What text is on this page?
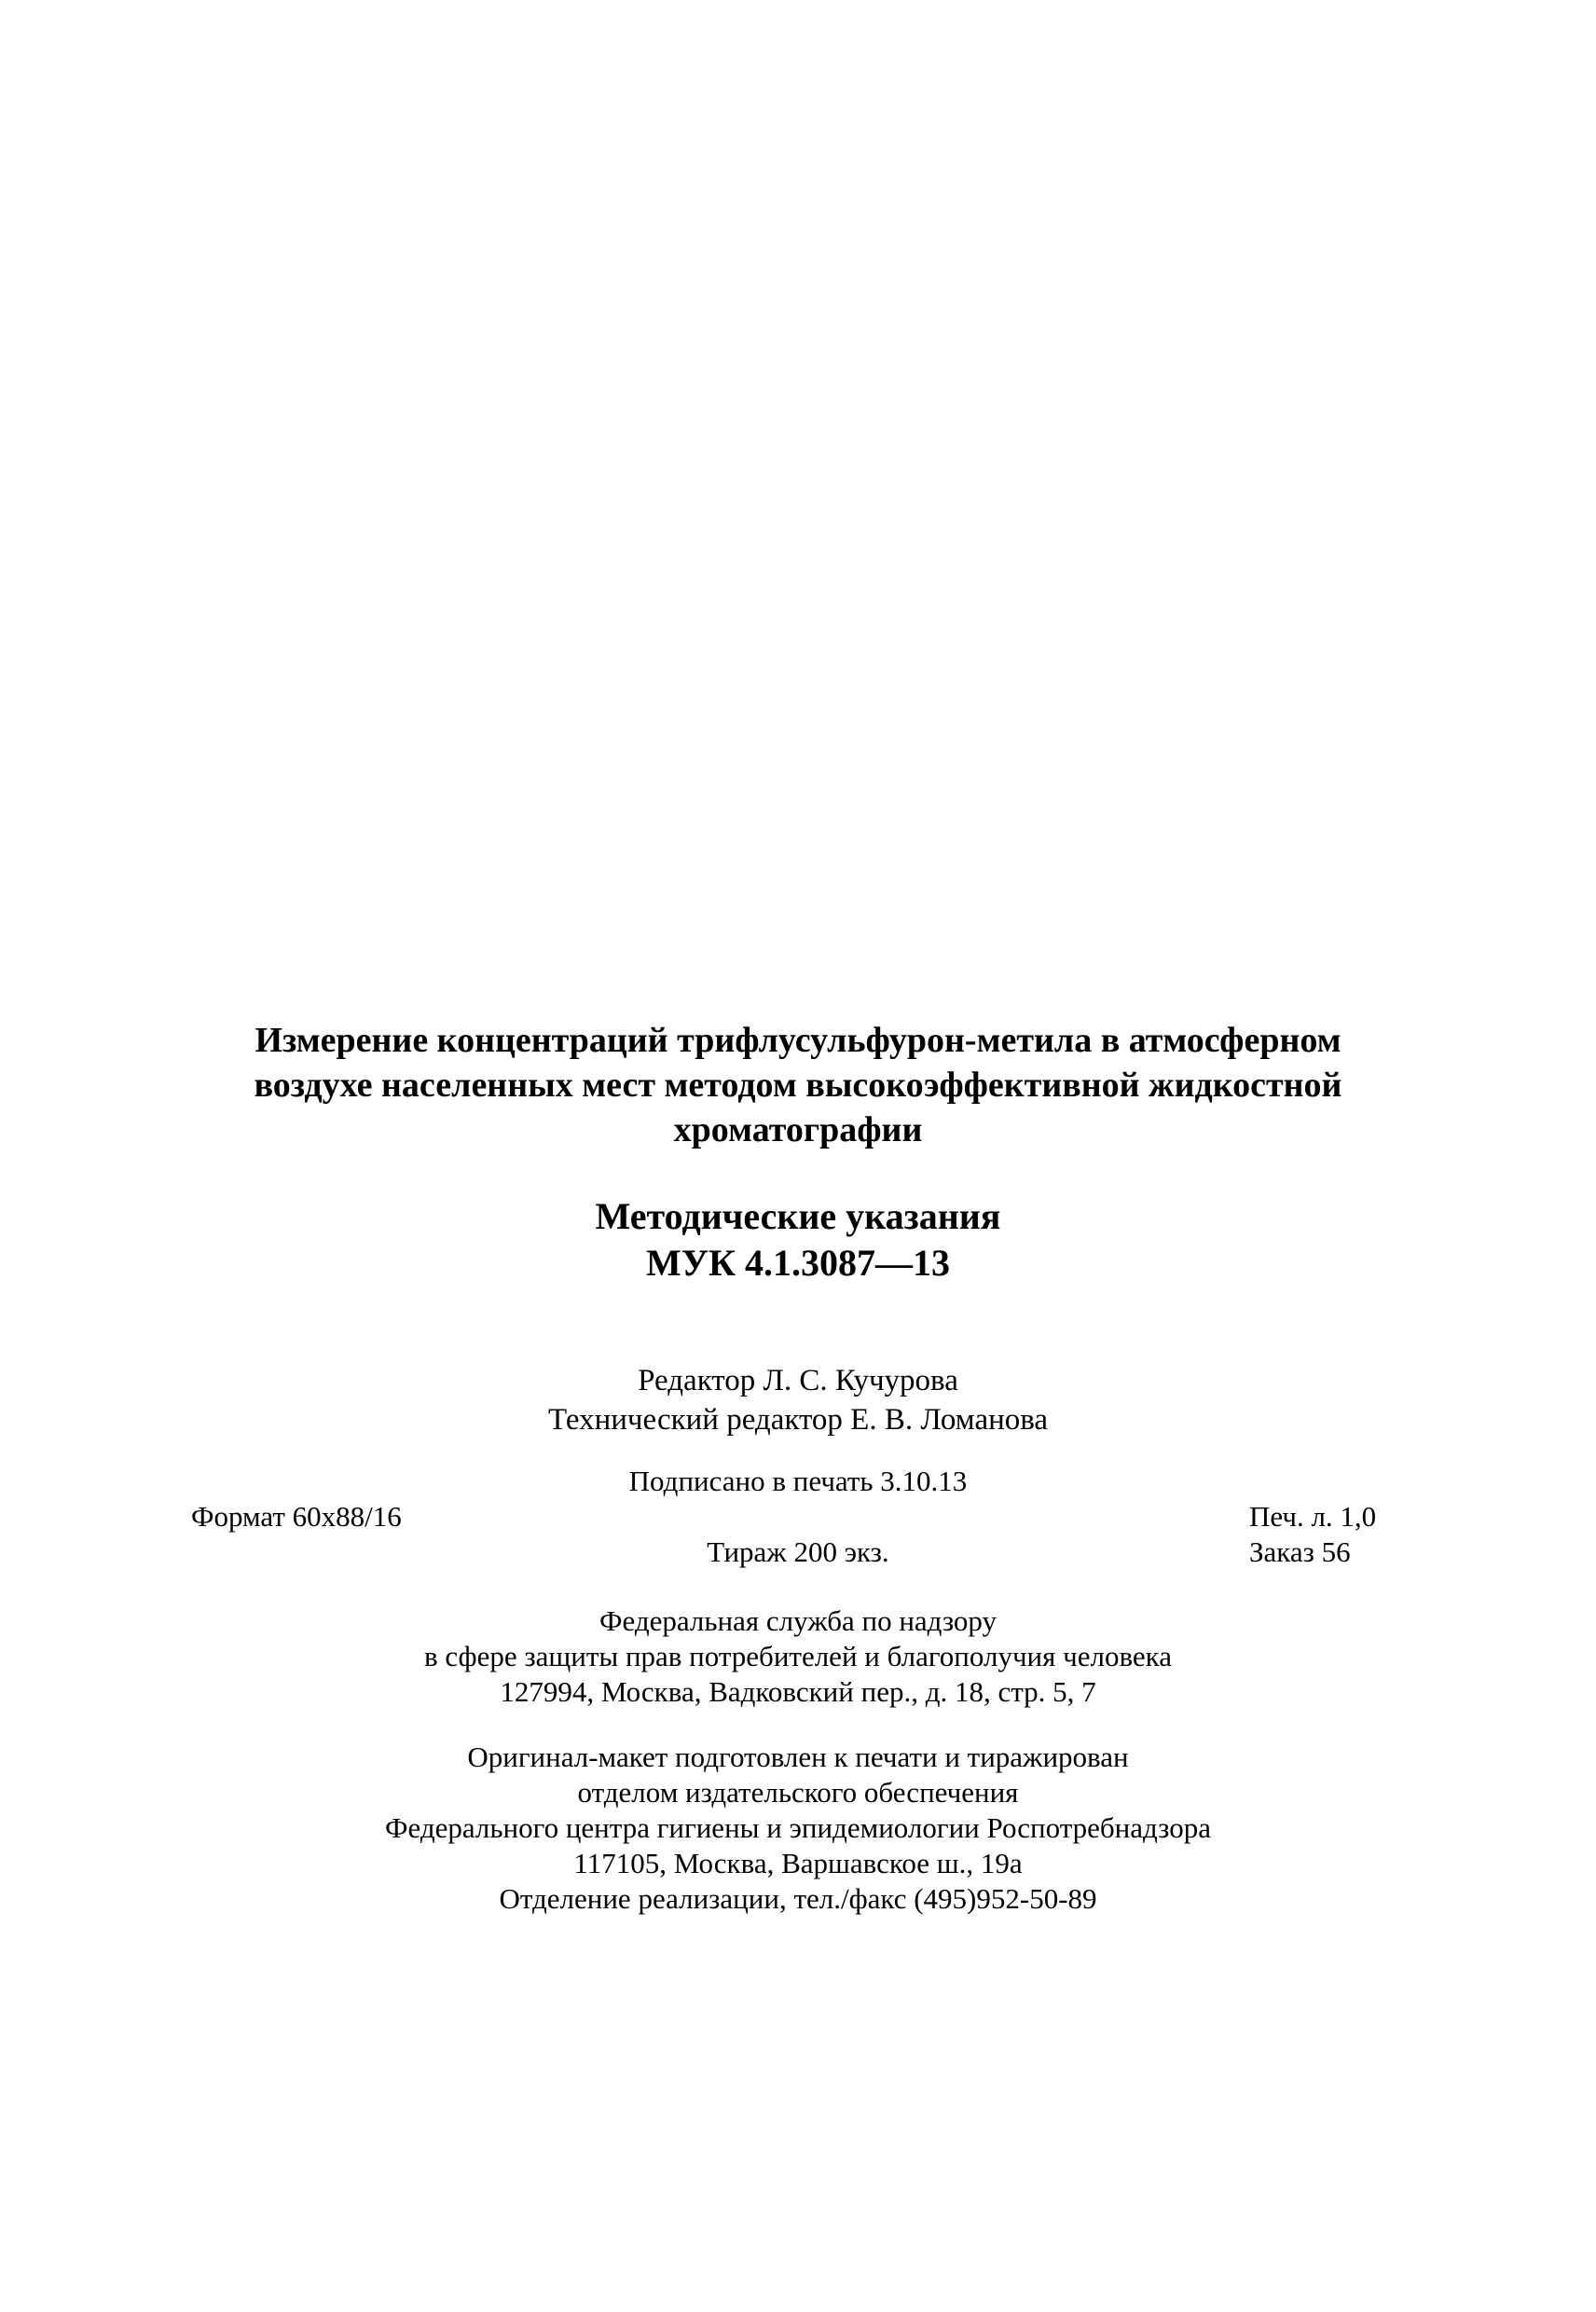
Измерение концентраций трифлусульфурон-метила в атмосферном
воздухе населенных мест методом высокоэффективной жидкостной
хроматографии
Методические указания
МУК 4.1.3087—13
Редактор Л. С. Кучурова
Технический редактор Е. В. Ломанова
Подписано в печать 3.10.13
Формат 60x88/16	Печ. л. 1,0
Тираж 200 экз.	Заказ 56
Федеральная служба по надзору
в сфере защиты прав потребителей и благополучия человека
127994, Москва, Вадковский пер., д. 18, стр. 5, 7
Оригинал-макет подготовлен к печати и тиражирован
отделом издательского обеспечения
Федерального центра гигиены и эпидемиологии Роспотребнадзора
117105, Москва, Варшавское ш., 19а
Отделение реализации, тел./факс (495)952-50-89
